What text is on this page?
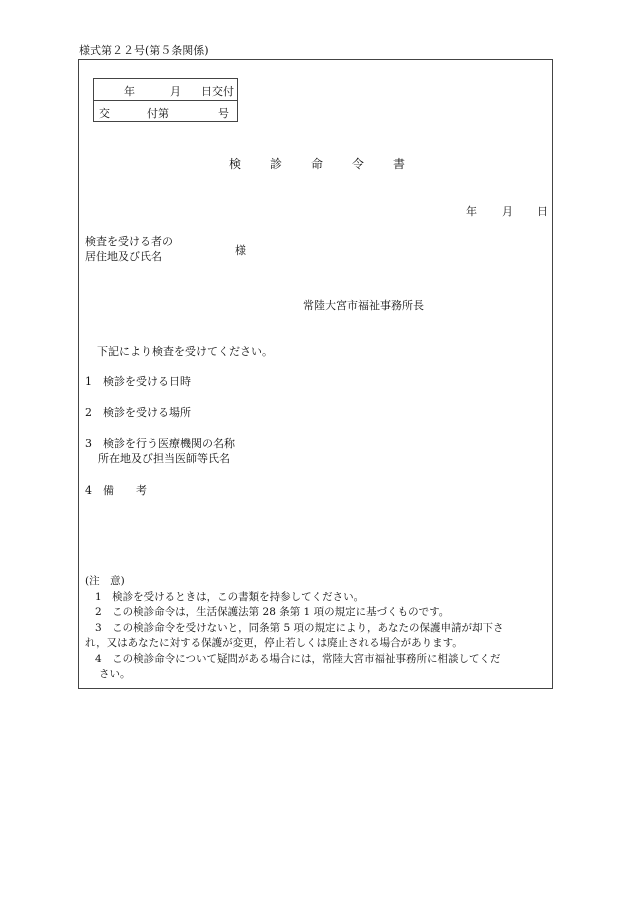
様式第２２号(第５条関係)
年	月 日交付
交	付第	号
検 診 命 令 書
年 月 日
検査を受ける者の
居住地及び氏名	様
常陸大宮市福祉事務所長
下記により検査を受けてください。
1　検診を受ける日時
2　検診を受ける場所
3　検診を行う医療機関の名称
所在地及び担当医師等氏名
4　備　　考
(注　意)
1　検診を受けるときは，この書類を持参してください。
2　この検診命令は，生活保護法第 28 条第 1 項の規定に基づくものです。
3　この検診命令を受けないと，同条第 5 項の規定により，あなたの保護申請が却下さ
れ，又はあなたに対する保護が変更，停止若しくは廃止される場合があります。
4　この検診命令について疑問がある場合には，常陸大宮市福祉事務所に相談してくだ
さい。
